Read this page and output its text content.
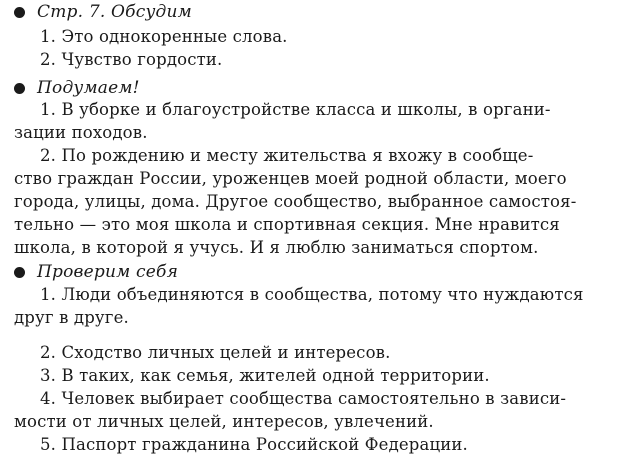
Стр. 7. Обсудим
1. Это однокоренные слова.
2. Чувство гордости.
Подумаем!
1. В уборке и благоустройстве класса и школы, в органи-
зации походов.
2. По рождению и месту жительства я вхожу в сообще-
ство граждан России, уроженцев моей родной области, моего
города, улицы, дома. Другое сообщество, выбранное самостоя-
тельно — это моя школа и спортивная секция. Мне нравится
школа, в которой я учусь. И я люблю заниматься спортом.
Проверим себя
1. Люди объединяются в сообщества, потому что нуждаются
друг в друге.
2. Сходство личных целей и интересов.
3. В таких, как семья, жителей одной территории.
4. Человек выбирает сообщества самостоятельно в зависи-
мости от личных целей, интересов, увлечений.
5. Паспорт гражданина Российской Федерации.
